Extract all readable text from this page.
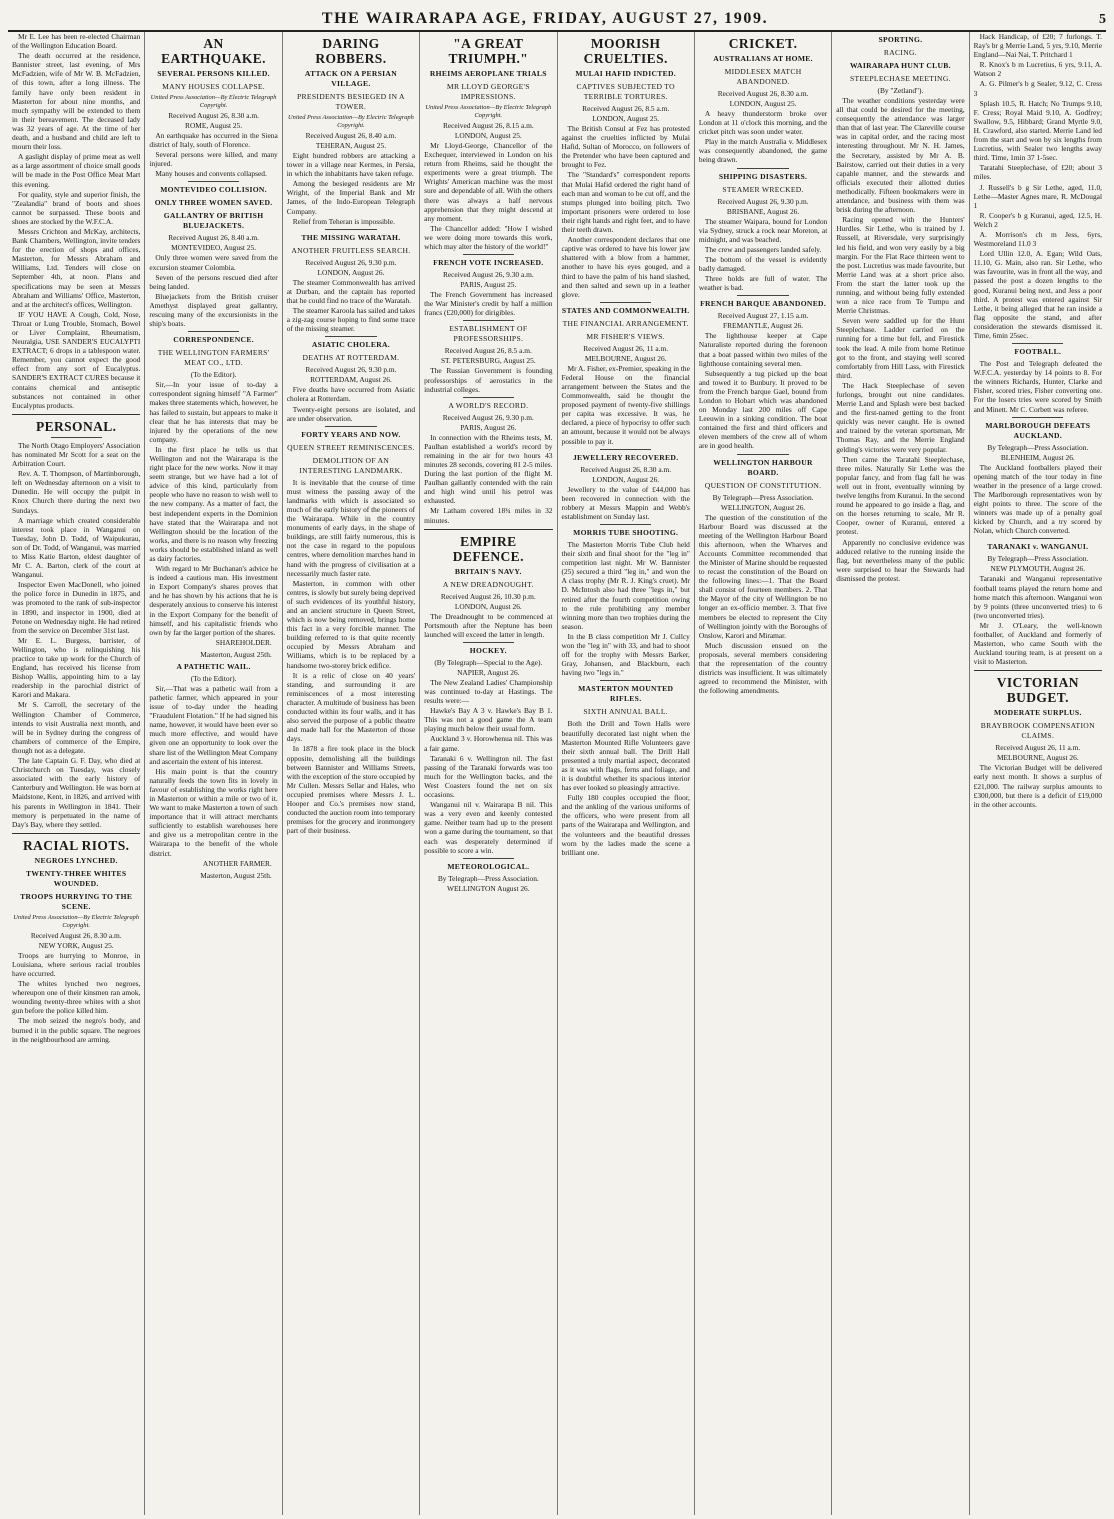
THE WAIRARAPA AGE, FRIDAY, AUGUST 27, 1909.	5

Mr E. Lee has been re-elected Chairman of the Wellington Education Board.

The death occurred at the residence, Bannister street, last evening, of Mrs McFadzien, wife of Mr W. B. McFadzien, of this town, after a long illness. The family have only been resident in Masterton for about nine months, and much sympathy will be extended to them in their bereavement. The deceased lady was 32 years of age. At the time of her death, and a husband and child are left to mourn their loss.

A gaslight display of prime meat as well as a large assortment of choice small goods will be made in the Post Office Meat Mart this evening.

For quality, style and superior finish, the "Zealandia" brand of boots and shoes cannot be surpassed. These boots and shoes are stocked by the W.F.C.A.

Messrs Crichton and McKay, architects, Bank Chambers, Wellington, invite tenders for the erection of shops and offices, Masterton, for Messrs Abraham and Williams, Ltd. Tenders will close on September 4th, at noon. Plans and specifications may be seen at Messrs Abraham and Williams' Office, Masterton, and at the architect's offices, Wellington.

IF YOU HAVE A Cough, Cold, Nose, Throat or Lung Trouble, Stomach, Bowel or Liver Complaint, Rheumatism, Neuralgia, USE SANDER'S EUCALYPTI EXTRACT; 6 drops in a tablespoon water. Remember, you cannot expect the good effect from any sort of Eucalyptus. SANDER'S EXTRACT CURES because it contains chemical and antiseptic substances not contained in other Eucalyptus products.

PERSONAL.

The North Otago Employers' Association has nominated Mr Scott for a seat on the Arbitration Court.

Rev. A. T. Thompson, of Martinborough, left on Wednesday afternoon on a visit to Dunedin. He will occupy the pulpit in Knox Church there during the next two Sundays.

A marriage which created considerable interest took place in Wanganui on Tuesday, John D. Todd, of Waipukurau, son of Dr. Todd, of Wanganui, was married to Miss Katie Barton, eldest daughter of Mr C. A. Barton, clerk of the court at Wanganui.

Inspector Ewen MacDonell, who joined the police force in Dunedin in 1875, and was promoted to the rank of sub-inspector in 1890, and inspector in 1900, died at Petone on Wednesday night. He had retired from the service on December 31st last.

Mr E. L. Burgess, barrister, of Wellington, who is relinquishing his practice to take up work for the Church of England, has received his license from Bishop Wallis, appointing him to a lay readership in the parochial district of Karori and Makara.

Mr S. Carroll, the secretary of the Wellington Chamber of Commerce, intends to visit Australia next month, and will be in Sydney during the congress of chambers of commerce of the Empire, though not as a delegate.

The late Captain G. F. Day, who died at Christchurch on Tuesday, was closely associated with the early history of Canterbury and Wellington. He was born at Maidstone, Kent, in 1826, and arrived with his parents in Wellington in 1841. Their memory is perpetuated in the name of Day's Bay, where they settled.

RACIAL RIOTS.
NEGROES LYNCHED.
TWENTY-THREE WHITES WOUNDED.
TROOPS HURRYING TO THE SCENE.
United Press Association—By Electric Telegraph Copyright.
Received August 26, 8.30 a.m.
NEW YORK, August 25.

Troops are hurrying to Monroe, in Louisiana, where serious racial troubles have occurred.

The whites lynched two negroes, whereupon one of their kinsmen ran amok, wounding twenty-three whites with a shot gun before the police killed him.

The mob seized the negro's body, and burned it in the public square. The negroes in the neighbourhood are arming.

AN EARTHQUAKE.
SEVERAL PERSONS KILLED.
MANY HOUSES COLLAPSE.
United Press Association—By Electric Telegraph Copyright.
Received August 26, 8.30 a.m.
ROME, August 25.

An earthquake has occurred in the Siena district of Italy, south of Florence.

Several persons were killed, and many injured.

Many houses and convents collapsed.

MONTEVIDEO COLLISION.
ONLY THREE WOMEN SAVED.
GALLANTRY OF BRITISH BLUEJACKETS.
Received August 26, 8.40 a.m.
MONTEVIDEO, August 25.

Only three women were saved from the excursion steamer Colombia.

Seven of the persons rescued died after being landed.

Bluejackets from the British cruiser Amethyst displayed great gallantry, rescuing many of the excursionists in the ship's boats.

CORRESPONDENCE.
THE WELLINGTON FARMERS' MEAT CO., LTD.
(To the Editor).

Sir,—In your issue of to-day a correspondent signing himself "A Farmer" makes three statements which, however, he has failed to sustain, but appears to make it clear that he has interests that may be injured by the operations of the new company.

In the first place he tells us that Wellington and not the Wairarapa is the right place for the new works. Now it may seem strange, but we have had a lot of advice of this kind, particularly from people who have no reason to wish well to the new company. As a matter of fact, the best independent experts in the Dominion have stated that the Wairarapa and not Wellington should be the location of the works, and there is no reason why freezing works should be established inland as well as dairy factories.

With regard to Mr Buchanan's advice he is indeed a cautious man. His investment in Export Company's shares proves that and he has shown by his actions that he is desperately anxious to conserve his interest in the Export Company for the benefit of himself, and his capitalistic friends who own by far the larger portion of the shares.

SHAREHOLDER.
Masterton, August 25th.
A PATHETIC WAIL.
(To the Editor).

Sir,—That was a pathetic wail from a pathetic farmer, which appeared in your issue of to-day under the heading "Fraudulent Flotation." If he had signed his name, however, it would have been ever so much more effective, and would have given one an opportunity to look over the share list of the Wellington Meat Company and ascertain the extent of his interest.

His main point is that the country naturally feeds the town fits in lovely in favour of establishing the works right here in Masterton or within a mile or two of it. We want to make Masterton a town of such importance that it will attract merchants sufficiently to establish warehouses here and give us a metropolitan centre in the Wairarapa to the benefit of the whole district.

ANOTHER FARMER.
Masterton, August 25th.
DARING ROBBERS.
ATTACK ON A PERSIAN VILLAGE.
PRESIDENTS BESIEGED IN A TOWER.
United Press Association—By Electric Telegraph Copyright.
Received August 26, 8.40 a.m.
TEHERAN, August 25.

Eight hundred robbers are attacking a tower in a village near Kermes, in Persia, in which the inhabitants have taken refuge.

Among the besieged residents are Mr Wright, of the Imperial Bank and Mr James, of the Indo-European Telegraph Company.

Relief from Teheran is impossible.

THE MISSING WARATAH.
ANOTHER FRUITLESS SEARCH.
Received August 26, 9.30 p.m.
LONDON, August 26.

The steamer Commonwealth has arrived at Durban, and the captain has reported that he could find no trace of the Waratah.

The steamer Karoola has sailed and takes a zig-zag course hoping to find some trace of the missing steamer.

ASIATIC CHOLERA.
DEATHS AT ROTTERDAM.
Received August 26, 9.30 p.m.
ROTTERDAM, August 26.

Five deaths have occurred from Asiatic cholera at Rotterdam.

Twenty-eight persons are isolated, and are under observation.

FORTY YEARS AND NOW.
QUEEN STREET REMINISCENCES.
DEMOLITION OF AN INTERESTING LANDMARK.

It is inevitable that the course of time must witness the passing away of the landmarks with which is associated so much of the early history of the pioneers of the Wairarapa. While in the country monuments of early days, in the shape of buildings, are still fairly numerous, this is not the case in regard to the populous centres, where demolition marches hand in hand with the progress of civilisation at a necessarily much faster rate.

Masterton, in common with other centres, is slowly but surely being deprived of such evidences of its youthful history, and an ancient structure in Queen Street, which is now being removed, brings home this fact in a very forcible manner. The building referred to is that quite recently occupied by Messrs Abraham and Williams, which is to be replaced by a handsome two-storey brick edifice.

It is a relic of close on 40 years' standing, and surrounding it are reminiscences of a most interesting character. A multitude of business has been conducted within its four walls, and it has also served the purpose of a public theatre and made hall for the Masterton of those days.

In 1878 a fire took place in the block opposite, demolishing all the buildings between Bannister and Williams Streets, with the exception of the store occupied by Mr Cullen. Messrs Sellar and Hales, who occupied premises where Messrs J. L. Hooper and Co.'s premises now stand, conducted the auction room into temporary premises for the grocery and ironmongery part of their business.

"A GREAT TRIUMPH."
RHEIMS AEROPLANE TRIALS
MR LLOYD GEORGE'S IMPRESSIONS.
United Press Association—By Electric Telegraph Copyright.
Received August 26, 8.15 a.m.
LONDON, August 25.

Mr Lloyd-George, Chancellor of the Exchequer, interviewed in London on his return from Rheims, said he thought the experiments were a great triumph. The Wrights' American machine was the most sure and dependable of all. With the others there was always a half nervous apprehension that they might descend at any moment.

The Chancellor added: "How I wished we were doing more towards this work, which may alter the history of the world!"

FRENCH VOTE INCREASED.
Received August 26, 9.30 a.m.
PARIS, August 25.

The French Government has increased the War Minister's credit by half a million francs (£20,000) for dirigibles.

ESTABLISHMENT OF PROFESSORSHIPS.
Received August 26, 8.5 a.m.
ST. PETERSBURG, August 25.

The Russian Government is founding professorships of aerostatics in the industrial colleges.

A WORLD'S RECORD.
Received August 26, 9.30 p.m.
PARIS, August 26.

In connection with the Rheims tests, M. Paulhan established a world's record by remaining in the air for two hours 43 minutes 28 seconds, covering 81 2-5 miles. During the last portion of the flight M. Paulhan gallantly contended with the rain and high wind until his petrol was exhausted.

Mr Latham covered 18¾ miles in 32 minutes.

EMPIRE DEFENCE.
BRITAIN'S NAVY.
A NEW DREADNOUGHT.
Received August 26, 10.30 p.m.
LONDON, August 26.

The Dreadnought to be commenced at Portsmouth after the Neptune has been launched will exceed the latter in length.

HOCKEY.
(By Telegraph—Special to the Age).
NAPIER, August 26.

The New Zealand Ladies' Championship was continued to-day at Hastings. The results were:—

Hawke's Bay A 3 v. Hawke's Bay B 1. This was not a good game the A team playing much below their usual form.

Auckland 3 v. Horowhenua nil. This was a fair game.

Taranaki 6 v. Wellington nil. The fast passing of the Taranaki forwards was too much for the Wellington backs, and the West Coasters found the net on six occasions.

Wanganui nil v. Wairarapa B nil. This was a very even and keenly contested game. Neither team had up to the present won a game during the tournament, so that each was desperately determined if possible to score a win.

METEOROLOGICAL.
By Telegraph—Press Association.
WELLINGTON August 26.
MOORISH CRUELTIES.
MULAI HAFID INDICTED.
CAPTIVES SUBJECTED TO TERRIBLE TORTURES.
Received August 26, 8.5 a.m.
LONDON, August 25.

The British Consul at Fez has protested against the cruelties inflicted by Mulai Hafid, Sultan of Morocco, on followers of the Pretender who have been captured and brought to Fez.

The "Standard's" correspondent reports that Mulai Hafid ordered the right hand of each man and woman to be cut off, and the stumps plunged into boiling pitch. Two important prisoners were ordered to lose their right hands and right feet, and to have their teeth drawn.

Another correspondent declares that one captive was ordered to have his lower jaw shattered with a blow from a hammer, another to have his eyes gouged, and a third to have the palm of his hand slashed, and then salted and sewn up in a leather glove.

STATES AND COMMONWEALTH.
THE FINANCIAL ARRANGEMENT.
MR FISHER'S VIEWS.
Received August 26, 11 a.m.
MELBOURNE, August 26.

Mr A. Fisher, ex-Premier, speaking in the Federal House on the financial arrangement between the States and the Commonwealth, said he thought the proposed payment of twenty-five shillings per capita was excessive. It was, he declared, a piece of hypocrisy to offer such an amount, because it would not be always possible to pay it.

JEWELLERY RECOVERED.
Received August 26, 8.30 a.m.
LONDON, August 26.

Jewellery to the value of £44,000 has been recovered in connection with the robbery at Messrs Mappin and Webb's establishment on Sunday last.

MORRIS TUBE SHOOTING.

The Masterton Morris Tube Club held their sixth and final shoot for the "leg in" competition last night. Mr W. Bannister (25) secured a third "leg in," and won the A class trophy (Mr R. J. King's cruet). Mr D. McIntosh also had three "legs in," but retired after the fourth competition owing to the rule prohibiting any member winning more than two trophies during the season.

In the B class competition Mr J. Cullcy won the "leg in" with 33, and had to shoot off for the trophy with Messrs Barker, Gray, Johansen, and Blackburn, each having two "legs in."

MASTERTON MOUNTED RIFLES.
SIXTH ANNUAL BALL.

Both the Drill and Town Halls were beautifully decorated last night when the Masterton Mounted Rifle Volunteers gave their sixth annual ball. The Drill Hall presented a truly martial aspect, decorated as it was with flags, ferns and foliage, and it is doubtful whether its spacious interior has ever looked so pleasingly attractive.

Fully 180 couples occupied the floor, and the ankling of the various uniforms of the officers, who were present from all parts of the Wairarapa and Wellington, and the volunteers and the beautiful dresses worn by the ladies made the scene a brilliant one.

CRICKET.
AUSTRALIANS AT HOME.
MIDDLESEX MATCH ABANDONED.
Received August 26, 8.30 a.m.
LONDON, August 25.

A heavy thunderstorm broke over London at 11 o'clock this morning, and the cricket pitch was soon under water.

Play in the match Australia v. Middlesex was consequently abandoned, the game being drawn.

SHIPPING DISASTERS.
STEAMER WRECKED.
Received August 26, 9.30 p.m.
BRISBANE, August 26.

The steamer Waipara, bound for London via Sydney, struck a rock near Moreton, at midnight, and was beached.

The crew and passengers landed safely.

The bottom of the vessel is evidently badly damaged.

Three holds are full of water. The weather is bad.

FRENCH BARQUE ABANDONED.
Received August 27, 1.15 a.m.
FREMANTLE, August 26.

The lighthouse keeper at Cape Naturaliste reported during the forenoon that a boat passed within two miles of the lighthouse containing several men.

Subsequently a tug picked up the boat and towed it to Bunbury. It proved to be from the French barque Gael, bound from London to Hobart which was abandoned on Monday last 200 miles off Cape Leeuwin in a sinking condition. The boat contained the first and third officers and eleven members of the crew all of whom are in good health.

WELLINGTON HARBOUR BOARD.
QUESTION OF CONSTITUTION.
By Telegraph—Press Association.
WELLINGTON, August 26.

The question of the constitution of the Harbour Board was discussed at the meeting of the Wellington Harbour Board this afternoon, when the Wharves and Accounts Committee recommended that the Minister of Marine should be requested to recast the constitution of the Board on the following lines:—1. That the Board shall consist of fourteen members. 2. That the Mayor of the city of Wellington be no longer an ex-officio member. 3. That five members be elected to represent the City of Wellington jointly with the Boroughs of Onslow, Karori and Miramar.

Much discussion ensued on the proposals, several members considering that the representation of the country districts was insufficient. It was ultimately agreed to recommend the Minister, with the following amendments.

SPORTING.
RACING.
WAIRARAPA HUNT CLUB.
STEEPLECHASE MEETING.
(By "Zetland").

The weather conditions yesterday were all that could be desired for the meeting, consequently the attendance was larger than that of last year. The Clareville course was in capital order, and the racing most interesting throughout. Mr N. H. James, the Secretary, assisted by Mr A. B. Bairstow, carried out their duties in a very capable manner, and the stewards and officials executed their allotted duties methodically. Fifteen bookmakers were in attendance, and business with them was brisk during the afternoon.

Racing opened with the Hunters' Hurdles. Sir Lethe, who is trained by J. Russell, at Riversdale, very surprisingly led his field, and won very easily by a big margin. For the Flat Race thirteen went to the post. Lucretius was made favourite, but Merrie Land was at a short price also. From the start the latter took up the running, and without being fully extended won a nice race from Te Tumpu and Merrie Christmas.

Seven were saddled up for the Hunt Steeplechase. Ladder carried on the running for a time but fell, and Firestick took the lead. A mile from home Retinue got to the front, and staying well scored comfortably from Hill Lass, with Firestick third.

The Hack Steeplechase of seven furlongs, brought out nine candidates. Merrie Land and Splash were best backed and the first-named getting to the front quickly was never caught. He is owned and trained by the veteran sportsman, Mr Thomas Ray, and the Merrie England gelding's victories were very popular.

Then came the Taratahi Steeplechase, three miles. Naturally Sir Lethe was the popular fancy, and from flag fall he was well out in front, eventually winning by twelve lengths from Kuranui. In the second round he appeared to go inside a flag, and on the horses returning to scale, Mr R. Cooper, owner of Kuranui, entered a protest.

Apparently no conclusive evidence was adduced relative to the running inside the flag, but nevertheless many of the public were surprised to hear the Stewards had dismissed the protest.

Hack Handicap, of £20; 7 furlongs. T. Ray's br g Merrie Land, 5 yrs, 9.10, Merrie England—Nai Nai, T. Pritchard 1

R. Knox's b m Lucretius, 6 yrs, 9.11, A. Watson 2

A. G. Pilmer's b g Sealer, 9.12, C. Cress 3

Splash 10.5, R. Hatch; No Trumps 9.10, F. Cress; Royal Maid 9.10, A. Godfrey; Swallow, 9.5, Hibbard; Grand Myrtle 9.0, H. Crawford, also started. Merrie Land led from the start and won by six lengths from Lucretius, with Sealer two lengths away third. Time, 1min 37 1-5sec.

Taratahi Steeplechase, of £20; about 3 miles.

J. Russell's b g Sir Lethe, aged, 11.0, Lethe—Master Agnes mare, R. McDougal 1

R. Cooper's b g Kuranui, aged, 12.5, H. Welch 2

A. Morrison's ch m Jess, 6yrs, Westmoreland 11.0 3

Lord Ullin 12.0, A. Egan; Wild Oats, 11.10, G. Main, also ran. Sir Lethe, who was favourite, was in front all the way, and passed the post a dozen lengths to the good, Kuranui being next, and Jess a poor third. A protest was entered against Sir Lethe, it being alleged that he ran inside a flag opposite the stand, and after consideration the stewards dismissed it. Time, 6min 25sec.

FOOTBALL.

The Post and Telegraph defeated the W.F.C.A. yesterday by 14 points to 8. For the winners Richards, Hunter, Clarke and Fisher, scored tries, Fisher converting one. For the losers tries were scored by Smith and Minett. Mr C. Corbett was referee.

MARLBOROUGH DEFEATS AUCKLAND.
By Telegraph—Press Association.
BLENHEIM, August 26.

The Auckland footballers played their opening match of the tour today in fine weather in the presence of a large crowd. The Marlborough representatives won by eight points to three. The score of the winners was made up of a penalty goal kicked by Church, and a try scored by Nolan, which Church converted.

TARANAKI v. WANGANUI.
By Telegraph—Press Association.
NEW PLYMOUTH, August 26.

Taranaki and Wanganui representative football teams played the return home and home match this afternoon. Wanganui won by 9 points (three unconverted tries) to 6 (two unconverted tries).

Mr J. O'Leary, the well-known footballer, of Auckland and formerly of Masterton, who came South with the Auckland touring team, is at present on a visit to Masterton.

VICTORIAN BUDGET.
MODERATE SURPLUS.
BRAYBROOK COMPENSATION CLAIMS.
Received August 26, 11 a.m.
MELBOURNE, August 26.

The Victorian Budget will be delivered early next month. It shows a surplus of £21,000. The railway surplus amounts to £300,000, but there is a deficit of £19,000 in the other accounts.
